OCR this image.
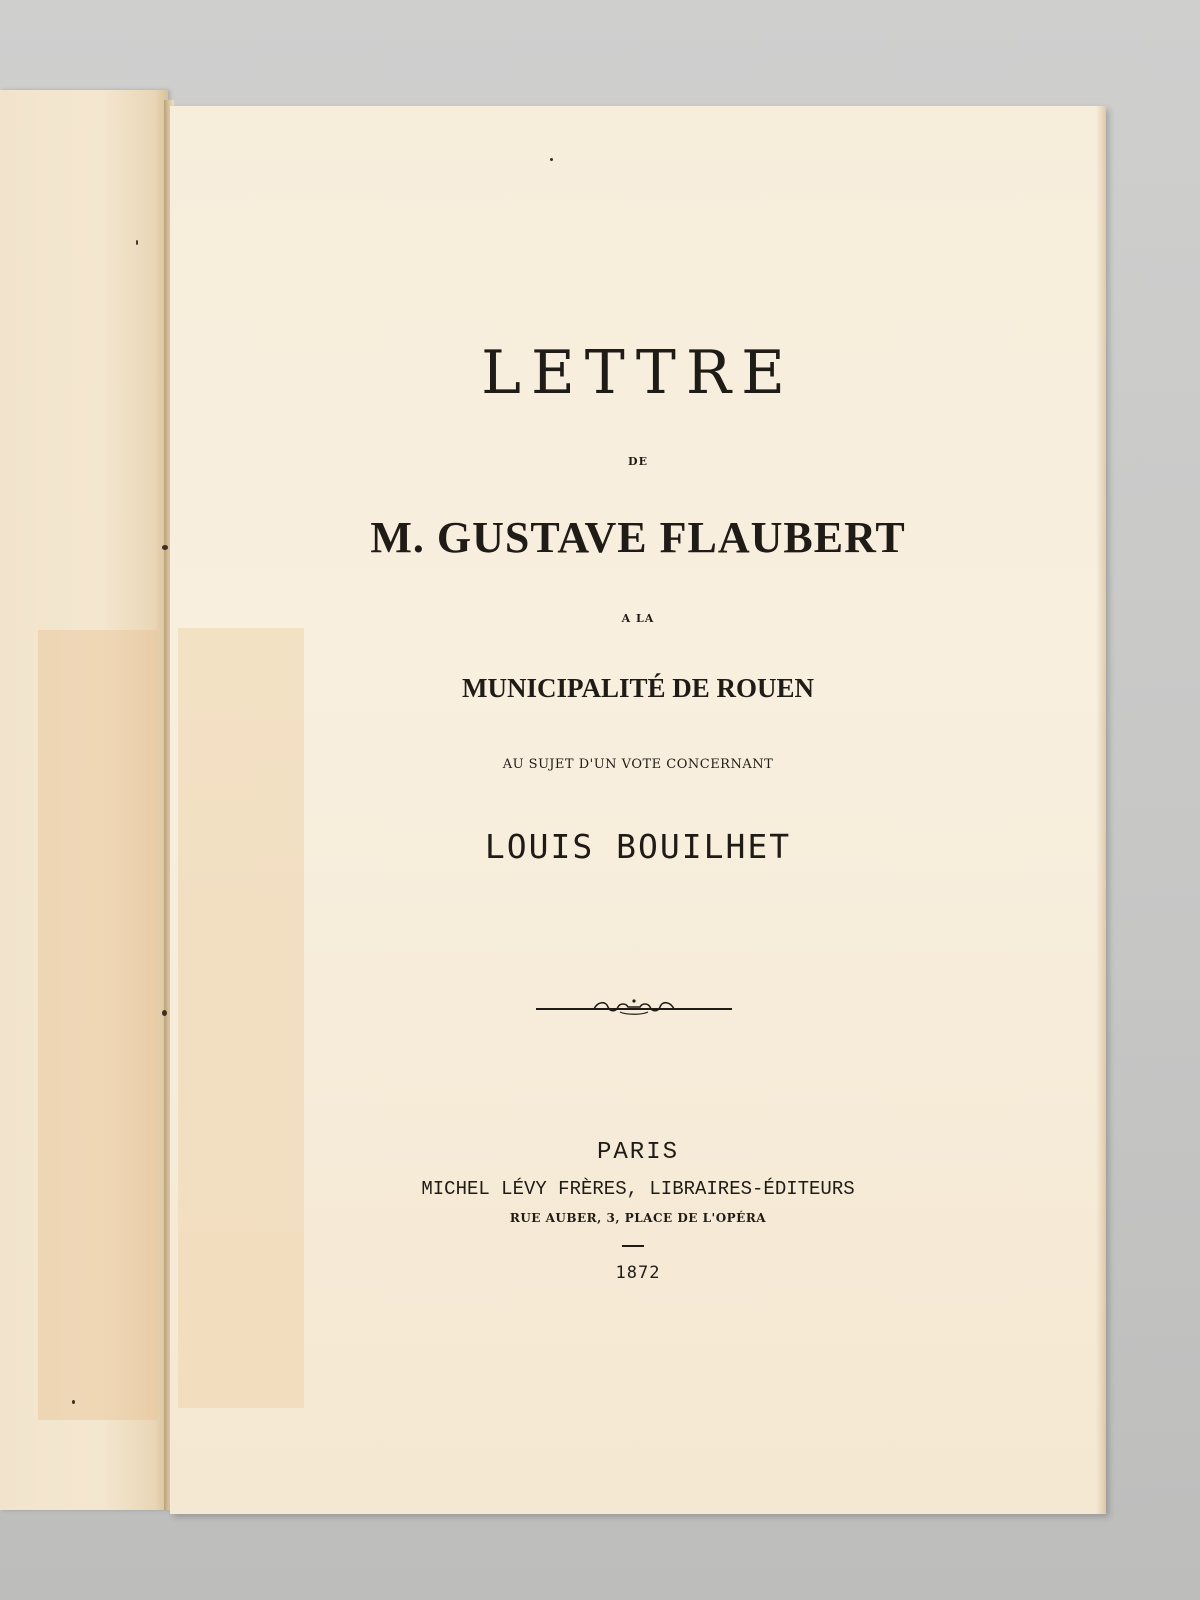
LETTRE
DE
M. GUSTAVE FLAUBERT
A LA
MUNICIPALITÉ DE ROUEN
AU SUJET D'UN VOTE CONCERNANT
LOUIS BOUILHET
PARIS
MICHEL LÉVY FRÈRES, LIBRAIRES-ÉDITEURS
RUE AUBER, 3, PLACE DE L'OPÉRA
1872
